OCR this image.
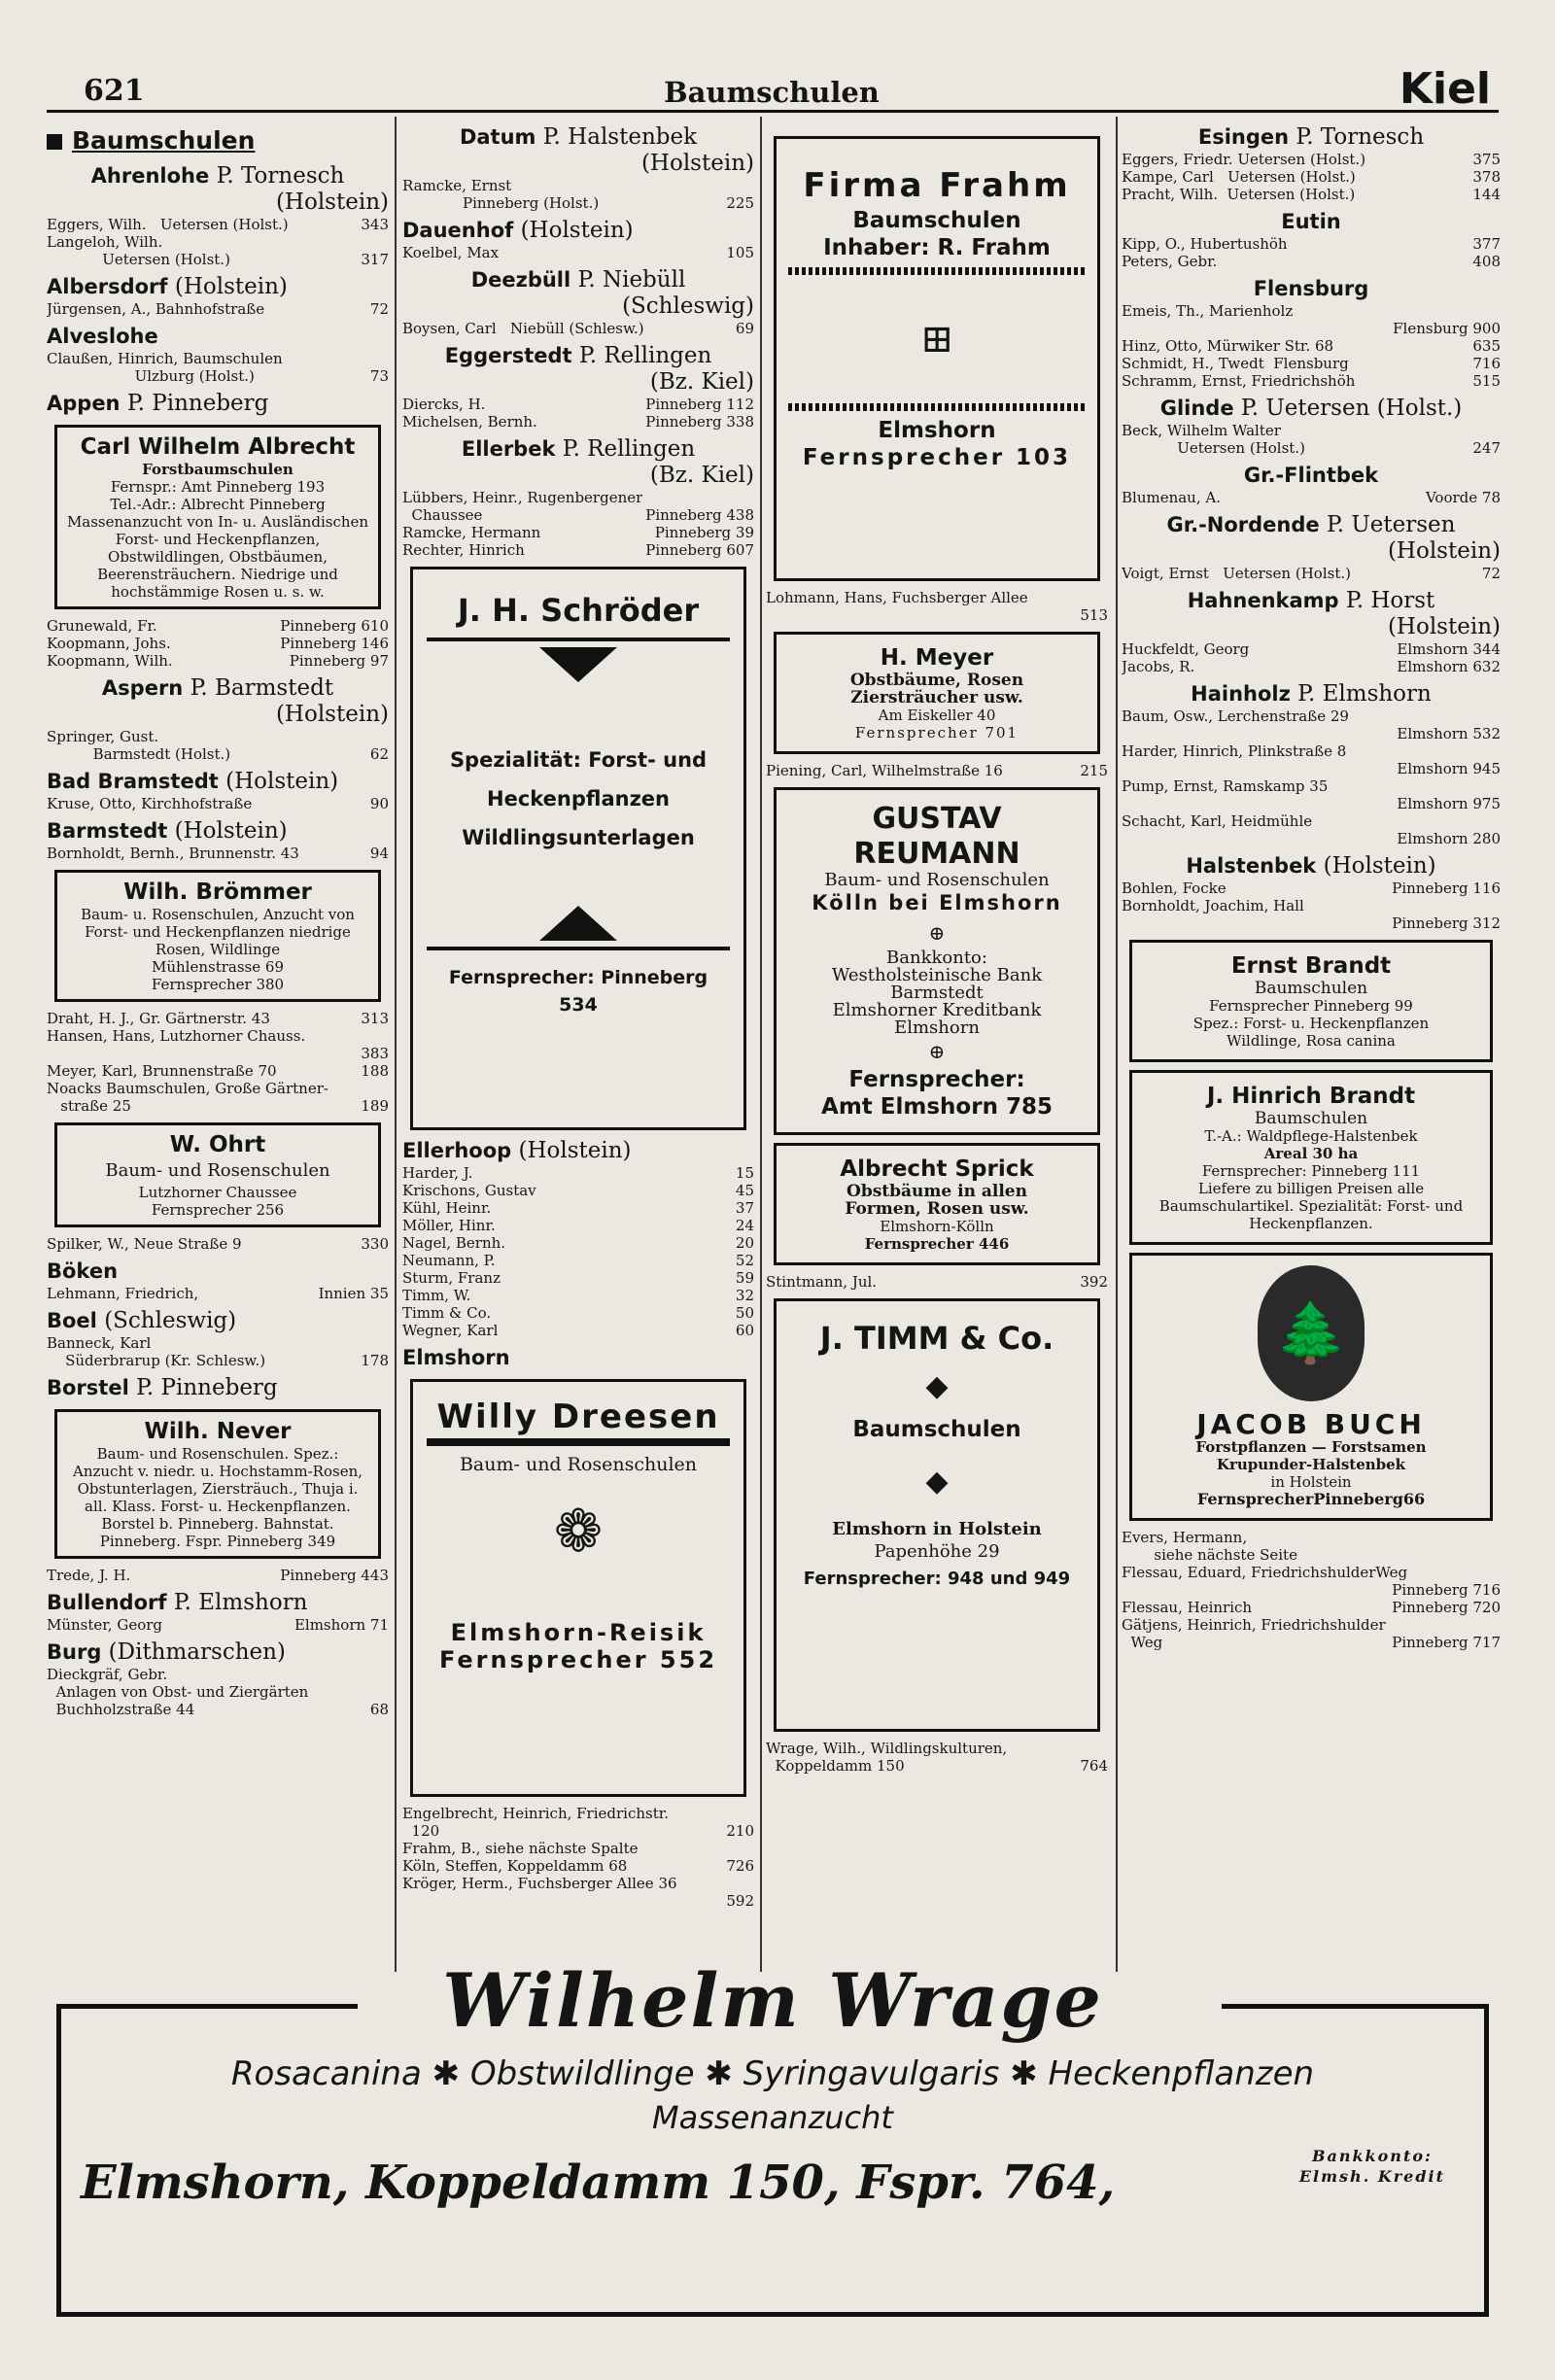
621	Baumschulen	Kiel
Baumschulen
Ahrenlohe P. Tornesch
(Holstein)
Eggers, Wilh.   Uetersen (Holst.)	343
Langeloh, Wilh.
Uetersen (Holst.)	317
Albersdorf (Holstein)
Jürgensen, A., Bahnhofstraße	72
Alveslohe
Claußen, Hinrich, Baumschulen
Ulzburg (Holst.)	73
Appen P. Pinneberg
Carl Wilhelm Albrecht
Forstbaumschulen
Fernspr.: Amt Pinneberg 193
Tel.-Adr.: Albrecht Pinneberg
Massenanzucht von In- u. Ausländischen Forst- und Heckenpflanzen, Obstwildlingen, Obstbäumen, Beerensträuchern. Niedrige und hochstämmige Rosen u. s. w.
Grunewald, Fr.	Pinneberg 610
Koopmann, Johs.	Pinneberg 146
Koopmann, Wilh.	Pinneberg 97
Aspern P. Barmstedt
(Holstein)
Springer, Gust.
Barmstedt (Holst.)	62
Bad Bramstedt (Holstein)
Kruse, Otto, Kirchhofstraße	90
Barmstedt (Holstein)
Bornholdt, Bernh., Brunnenstr. 43	94
Wilh. Brömmer
Baum- u. Rosenschulen, Anzucht von Forst- und Heckenpflanzen niedrige Rosen, Wildlinge
Mühlenstrasse 69
Fernsprecher 380
Draht, H. J., Gr. Gärtnerstr. 43	313
Hansen, Hans, Lutzhorner Chauss.
383
Meyer, Karl, Brunnenstraße 70	188
Noacks Baumschulen, Große Gärtner-
straße 25	189
W. Ohrt
Baum- und Rosenschulen
Lutzhorner Chaussee
Fernsprecher 256
Spilker, W., Neue Straße 9	330
Böken
Lehmann, Friedrich,	Innien 35
Boel (Schleswig)
Banneck, Karl
Süderbrarup (Kr. Schlesw.)	178
Borstel P. Pinneberg
Wilh. Never
Baum- und Rosenschulen. Spez.: Anzucht v. niedr. u. Hochstamm-Rosen, Obstunterlagen, Ziersträuch., Thuja i. all. Klass. Forst- u. Heckenpflanzen. Borstel b. Pinneberg. Bahnstat. Pinneberg. Fspr. Pinneberg 349
Trede, J. H.	Pinneberg 443
Bullendorf P. Elmshorn
Münster, Georg	Elmshorn 71
Burg (Dithmarschen)
Dieckgräf, Gebr.
Anlagen von Obst- und Ziergärten
Buchholzstraße 44	68
Datum P. Halstenbek
(Holstein)
Ramcke, Ernst
Pinneberg (Holst.)	225
Dauenhof (Holstein)
Koelbel, Max	105
Deezbüll P. Niebüll
(Schleswig)
Boysen, Carl   Niebüll (Schlesw.)	69
Eggerstedt P. Rellingen
(Bz. Kiel)
Diercks, H.	Pinneberg 112
Michelsen, Bernh.	Pinneberg 338
Ellerbek P. Rellingen
(Bz. Kiel)
Lübbers, Heinr., Rugenbergener
Chaussee	Pinneberg 438
Ramcke, Hermann	Pinneberg 39
Rechter, Hinrich	Pinneberg 607
J. H. Schröder
Spezialität: Forst- und Heckenpflanzen Wildlingsunterlagen
Fernsprecher: Pinneberg 534
Ellerhoop (Holstein)
Harder, J.	15
Krischons, Gustav	45
Kühl, Heinr.	37
Möller, Hinr.	24
Nagel, Bernh.	20
Neumann, P.	52
Sturm, Franz	59
Timm, W.	32
Timm & Co.	50
Wegner, Karl	60
Elmshorn
Willy Dreesen
Baum- und Rosenschulen
❁
Elmshorn-Reisik
Fernsprecher 552
Engelbrecht, Heinrich, Friedrichstr.
120	210
Frahm, B., siehe nächste Spalte
Köln, Steffen, Koppeldamm 68	726
Kröger, Herm., Fuchsberger Allee 36
592
Firma Frahm
Baumschulen
Inhaber: R. Frahm
⊞
Elmshorn
Fernsprecher 103
Lohmann, Hans, Fuchsberger Allee
513
H. Meyer
Obstbäume, Rosen
Ziersträucher usw.
Am Eiskeller 40
Fernsprecher 701
Piening, Carl, Wilhelmstraße 16	215
GUSTAV REUMANN
Baum- und Rosenschulen
Kölln bei Elmshorn
⊕
Bankkonto:
Westholsteinische Bank
Barmstedt
Elmshorner Kreditbank
Elmshorn
⊕
Fernsprecher:
Amt Elmshorn 785
Albrecht Sprick
Obstbäume in allen
Formen, Rosen usw.
Elmshorn-Kölln
Fernsprecher 446
Stintmann, Jul.	392
J. TIMM & Co.
◆
Baumschulen
◆
Elmshorn in Holstein
Papenhöhe 29
Fernsprecher: 948 und 949
Wrage, Wilh., Wildlingskulturen,
Koppeldamm 150	764
Esingen P. Tornesch
Eggers, Friedr. Uetersen (Holst.)	375
Kampe, Carl   Uetersen (Holst.)	378
Pracht, Wilh.  Uetersen (Holst.)	144
Eutin
Kipp, O., Hubertushöh	377
Peters, Gebr.	408
Flensburg
Emeis, Th., Marienholz
Flensburg 900
Hinz, Otto, Mürwiker Str. 68	635
Schmidt, H., Twedt  Flensburg	716
Schramm, Ernst, Friedrichshöh	515
Glinde P. Uetersen (Holst.)
Beck, Wilhelm Walter
Uetersen (Holst.)	247
Gr.-Flintbek
Blumenau, A.	Voorde 78
Gr.-Nordende P. Uetersen
(Holstein)
Voigt, Ernst   Uetersen (Holst.)	72
Hahnenkamp P. Horst
(Holstein)
Huckfeldt, Georg	Elmshorn 344
Jacobs, R.	Elmshorn 632
Hainholz P. Elmshorn
Baum, Osw., Lerchenstraße 29
Elmshorn 532
Harder, Hinrich, Plinkstraße 8
Elmshorn 945
Pump, Ernst, Ramskamp 35
Elmshorn 975
Schacht, Karl, Heidmühle
Elmshorn 280
Halstenbek (Holstein)
Bohlen, Focke	Pinneberg 116
Bornholdt, Joachim, Hall
Pinneberg 312
Ernst Brandt
Baumschulen
Fernsprecher Pinneberg 99
Spez.: Forst- u. Heckenpflanzen
Wildlinge, Rosa canina
J. Hinrich Brandt
Baumschulen
T.-A.: Waldpflege-Halstenbek
Areal 30 ha
Fernsprecher: Pinneberg 111
Liefere zu billigen Preisen alle Baumschulartikel. Spezialität: Forst- und Heckenpflanzen.
🌲
JACOB BUCH
Forstpflanzen — Forstsamen
Krupunder-Halstenbek
in Holstein
FernsprecherPinneberg66
Evers, Hermann,
siehe nächste Seite
Flessau, Eduard, FriedrichshulderWeg
Pinneberg 716
Flessau, Heinrich	Pinneberg 720
Gätjens, Heinrich, Friedrichshulder
Weg	Pinneberg 717
Wilhelm Wrage
Rosacanina ✱ Obstwildlinge ✱ Syringavulgaris ✱ Heckenpflanzen
Massenanzucht
Elmshorn, Koppeldamm 150, Fspr. 764,	Bankkonto:
Elmsh. Kredit
